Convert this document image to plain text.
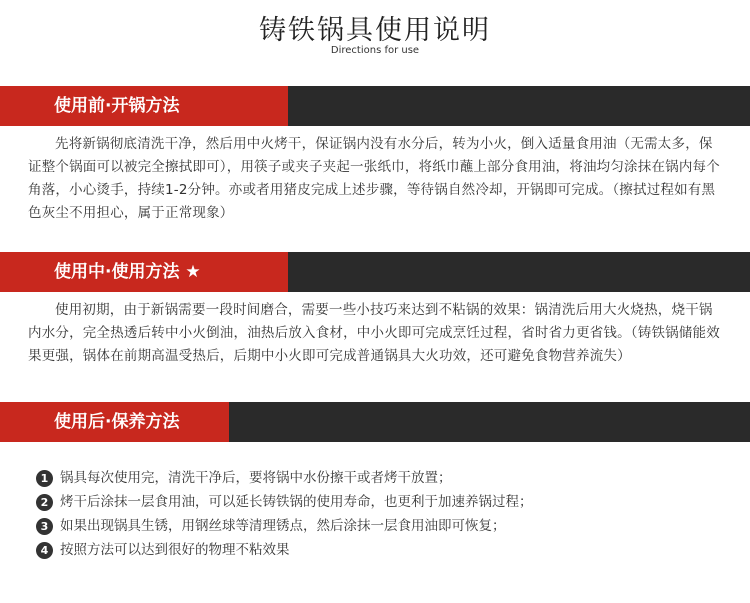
铸铁锅具使用说明
Directions for use
使用前·开锅方法
先将新锅彻底清洗干净，然后用中火烤干，保证锅内没有水分后，转为小火，倒入适量食用油（无需太多，保证整个锅面可以被完全擦拭即可），用筷子或夹子夹起一张纸巾，将纸巾蘸上部分食用油，将油均匀涂抹在锅内每个角落，小心烫手，持续1-2分钟。亦或者用猪皮完成上述步骤，等待锅自然冷却，开锅即可完成。（擦拭过程如有黑色灰尘不用担心，属于正常现象）
使用中·使用方法 ★
使用初期，由于新锅需要一段时间磨合，需要一些小技巧来达到不粘锅的效果：锅清洗后用大火烧热，烧干锅内水分，完全热透后转中小火倒油，油热后放入食材，中小火即可完成烹饪过程，省时省力更省钱。（铸铁锅储能效果更强，锅体在前期高温受热后，后期中小火即可完成普通锅具大火功效，还可避免食物营养流失）
使用后·保养方法
1 锅具每次使用完，清洗干净后，要将锅中水份擦干或者烤干放置；
2 烤干后涂抹一层食用油，可以延长铸铁锅的使用寿命，也更利于加速养锅过程；
3 如果出现锅具生锈，用钢丝球等清理锈点，然后涂抹一层食用油即可恢复；
4 按照方法可以达到很好的物理不粘效果
